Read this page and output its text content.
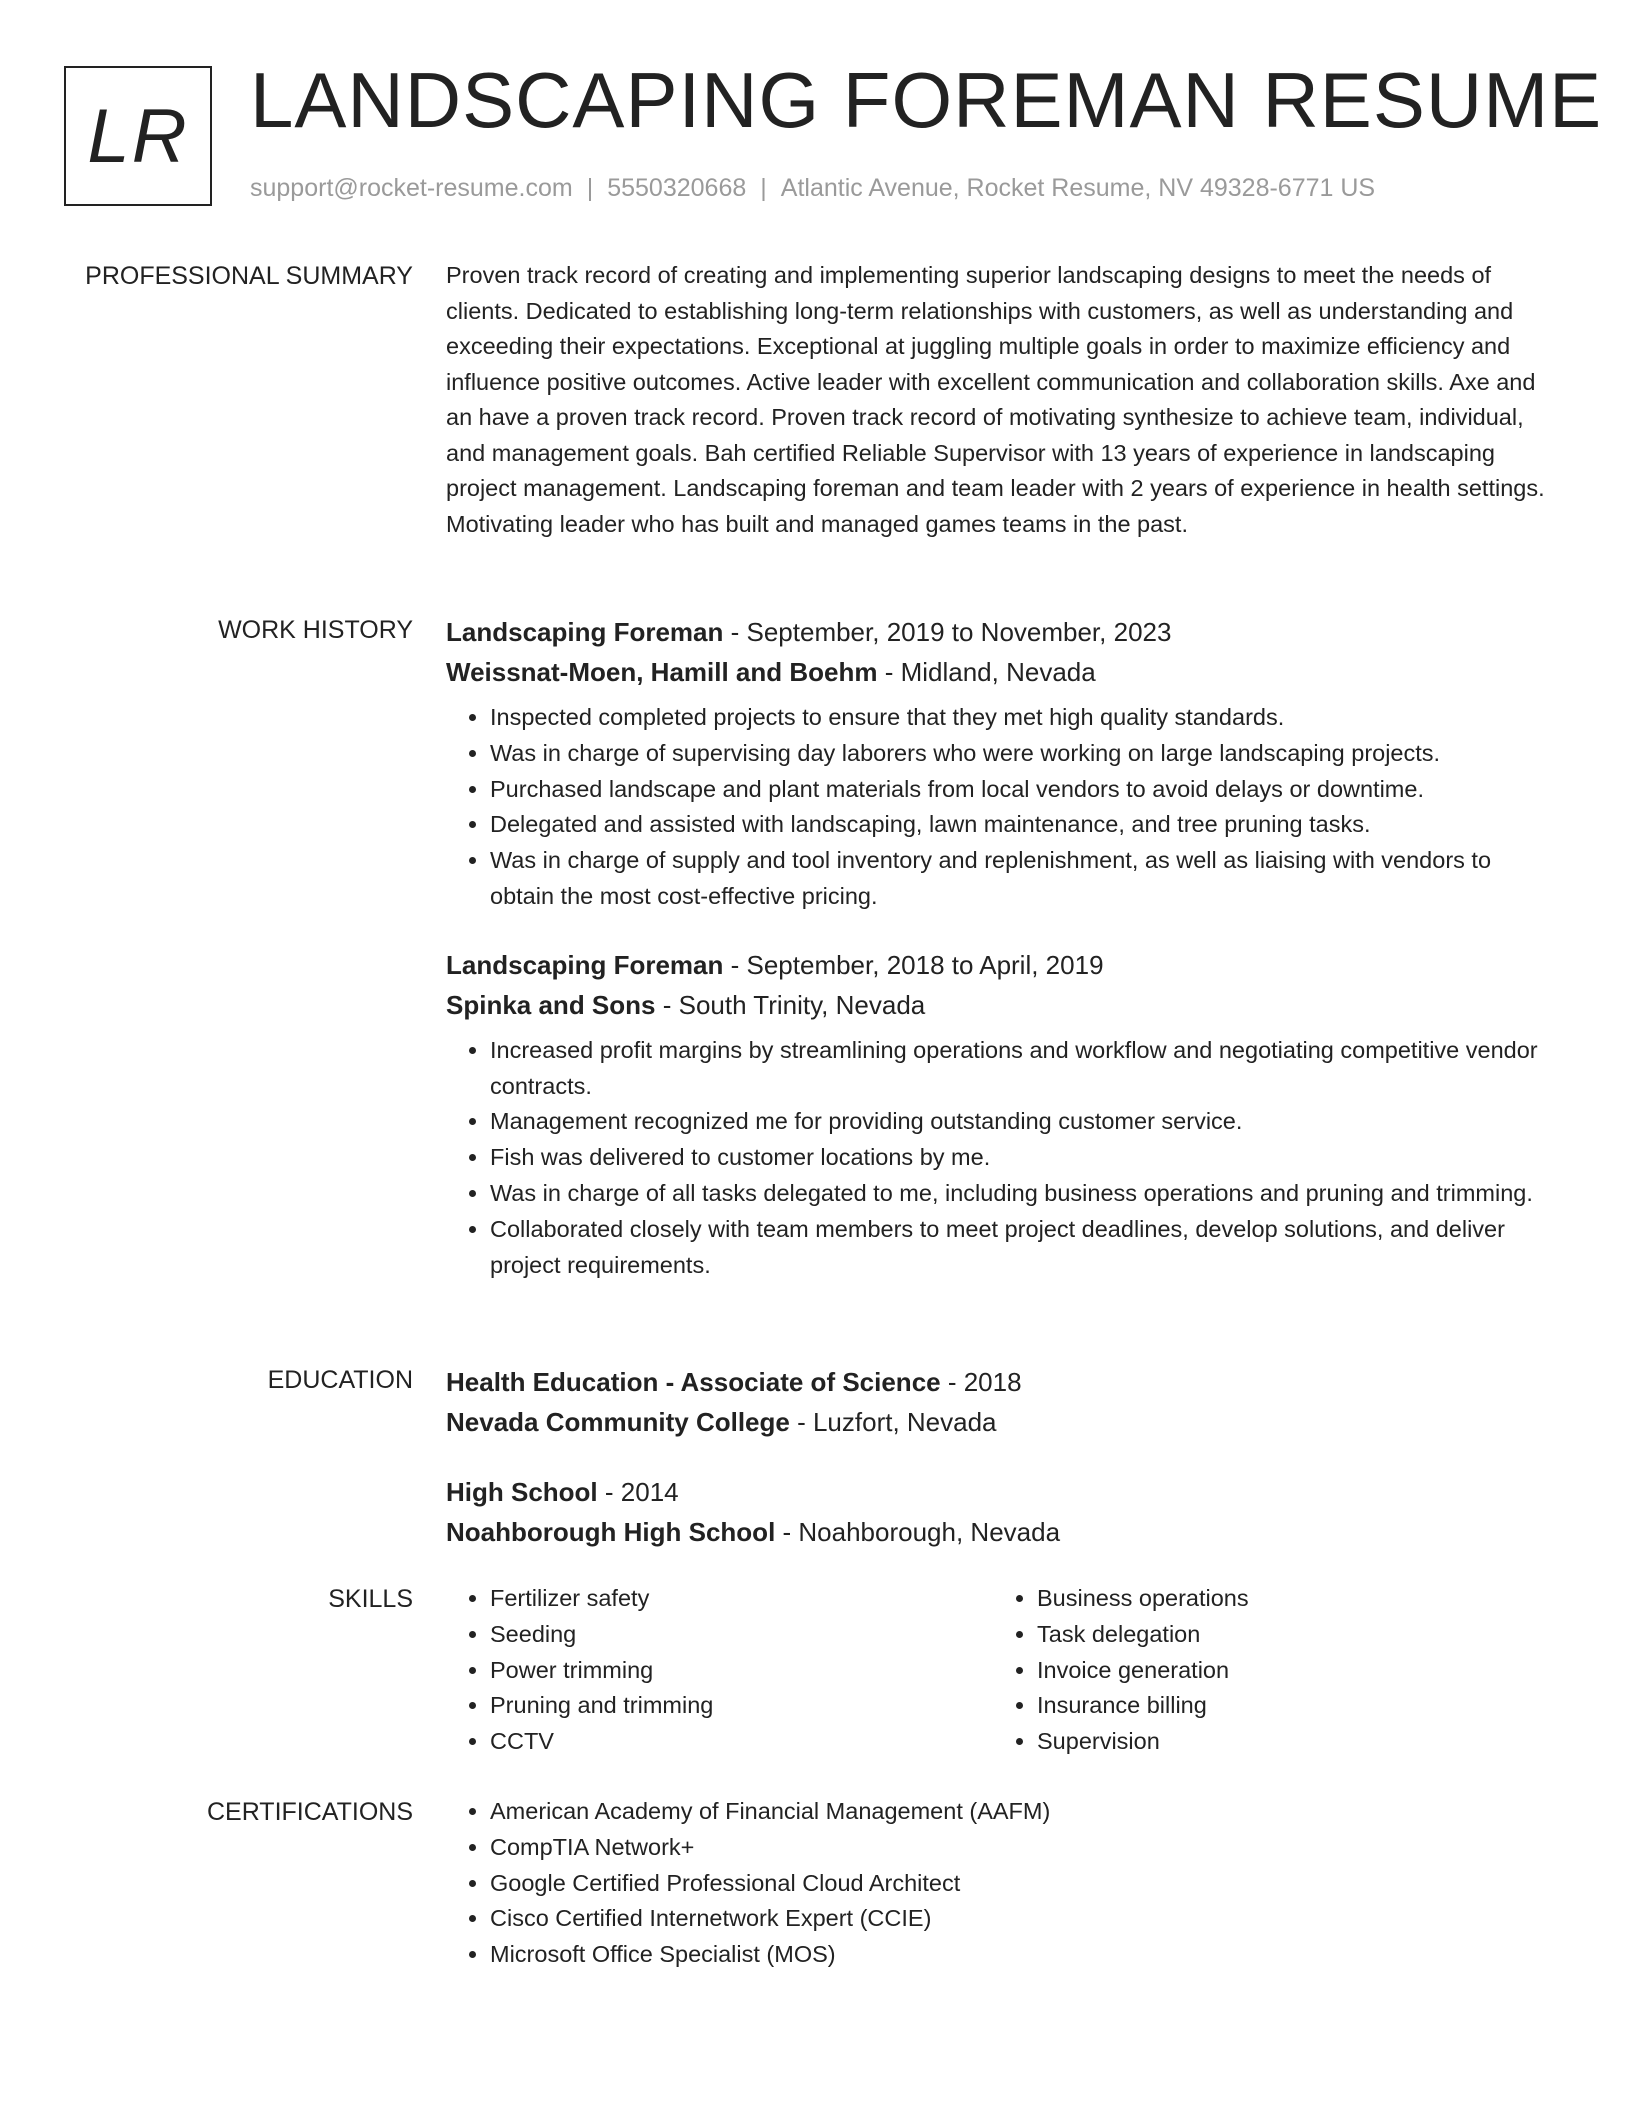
LR LANDSCAPING FOREMAN RESUME
support@rocket-resume.com | 5550320668 | Atlantic Avenue, Rocket Resume, NV 49328-6771 US
PROFESSIONAL SUMMARY Proven track record of creating and implementing superior landscaping designs to meet the needs of clients. Dedicated to establishing long-term relationships with customers, as well as understanding and exceeding their expectations. Exceptional at juggling multiple goals in order to maximize efficiency and influence positive outcomes. Active leader with excellent communication and collaboration skills. Axe and an have a proven track record. Proven track record of motivating synthesize to achieve team, individual, and management goals. Bah certified Reliable Supervisor with 13 years of experience in landscaping project management. Landscaping foreman and team leader with 2 years of experience in health settings. Motivating leader who has built and managed games teams in the past.

WORK HISTORY Landscaping Foreman - September, 2019 to November, 2023
Weissnat-Moen, Hamill and Boehm - Midland, Nevada
• Inspected completed projects to ensure that they met high quality standards.
• Was in charge of supervising day laborers who were working on large landscaping projects.
• Purchased landscape and plant materials from local vendors to avoid delays or downtime.
• Delegated and assisted with landscaping, lawn maintenance, and tree pruning tasks.
• Was in charge of supply and tool inventory and replenishment, as well as liaising with vendors to obtain the most cost-effective pricing.
Landscaping Foreman - September, 2018 to April, 2019
Spinka and Sons - South Trinity, Nevada
• Increased profit margins by streamlining operations and workflow and negotiating competitive vendor contracts.
• Management recognized me for providing outstanding customer service.
• Fish was delivered to customer locations by me.
• Was in charge of all tasks delegated to me, including business operations and pruning and trimming.
• Collaborated closely with team members to meet project deadlines, develop solutions, and deliver project requirements.
EDUCATION Health Education - Associate of Science - 2018
Nevada Community College - Luzfort, Nevada
High School - 2014
Noahborough High School - Noahborough, Nevada
SKILLS	• Fertilizer safety
• Seeding
• Power trimming
• Pruning and trimming
• CCTV
• Business operations
• Task delegation
• Invoice generation
• Insurance billing
• Supervision
CERTIFICATIONS	• American Academy of Financial Management (AAFM)
• CompTIA Network+
• Google Certified Professional Cloud Architect
• Cisco Certified Internetwork Expert (CCIE)
• Microsoft Office Specialist (MOS)
